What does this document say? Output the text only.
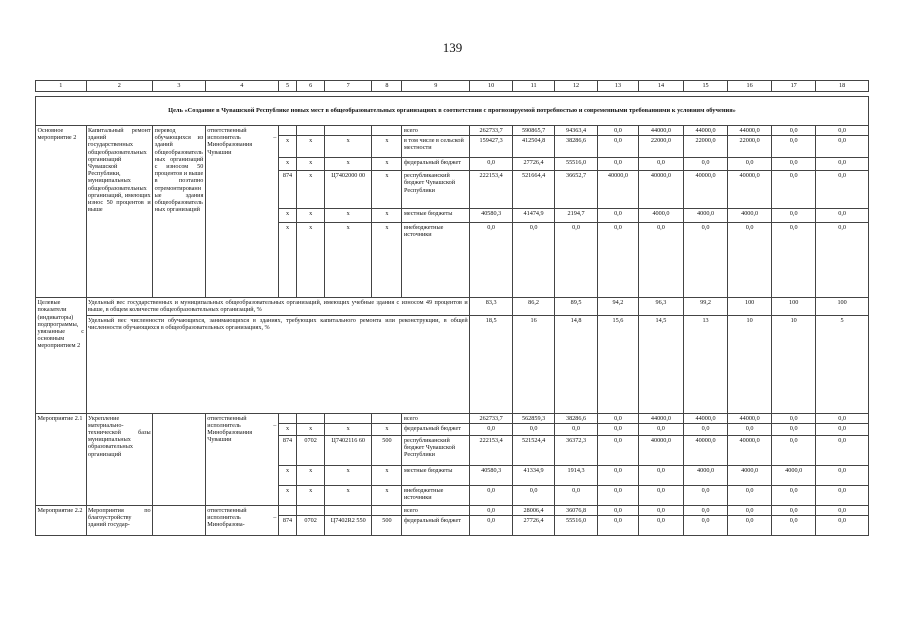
139
1	2	3	4	5	6	7	8	9	10	11	12	13	14	15	16	17	18

Цель «Создание в Чувашской Республике новых мест в общеобразовательных организациях в соответствии с прогнозируемой потребностью и современными требованиями к условиям обучения»																	
Основное мероприятие 2	Капитальный ремонт зданий государственных общеобразовательных организаций Чувашской Республики, муниципальных общеобразовательных организаций, имеющих износ 50 процентов и выше	перевод обучающихся из зданий общеобразовательных организаций с износом 50 процентов и выше в поэтапно отремонтированные здания общеобразовательных организаций	ответственный исполнитель – Минобразования Чувашии					всего	262733,7	590865,7	94363,4	0,0	44000,0	44000,0	44000,0	0,0	0,0
				x	x	x	x	в том числе в сельской местности	159427,3	412504,8	38286,6	0,0	22000,0	22000,0	22000,0	0,0	0,0
				x	x	x	x	федеральный бюджет	0,0	27726,4	55516,0	0,0	0,0	0,0	0,0	0,0	0,0
				874	x	Ц7402000 00	x	республиканский бюджет Чувашской Республики	222153,4	521664,4	36652,7	40000,0	40000,0	40000,0	40000,0	0,0	0,0
				x	x	x	x	местные бюджеты	40580,3	41474,9	2194,7	0,0	4000,0	4000,0	4000,0	0,0	0,0
				x	x	x	x	внебюджетные источники	0,0	0,0	0,0	0,0	0,0	0,0	0,0	0,0	0,0
Целевые показатели (индикаторы) подпрограммы, увязанные с основным мероприятием 2	Удельный вес государственных и муниципальных общеобразовательных организаций, имеющих учебные здания с износом 49 процентов и выше, в общем количестве общеобразовательных организаций, %								83,3	86,2	89,5	94,2	96,3	99,2	100	100	100
	Удельный вес численности обучающихся, занимающихся в зданиях, требующих капитального ремонта или реконструкции, в общей численности обучающихся в общеобразовательных организациях, %								18,5	16	14,8	15,6	14,5	13	10	10	5
Мероприятие 2.1	Укрепление материально-технической базы муниципальных образовательных организаций		ответственный исполнитель – Минобразования Чувашии					всего	262733,7	562859,3	38286,6	0,0	44000,0	44000,0	44000,0	0,0	0,0
				x	x	x	x	федеральный бюджет	0,0	0,0	0,0	0,0	0,0	0,0	0,0	0,0	0,0
				874	0702	Ц7402116 60	500	республиканский бюджет Чувашской Республики	222153,4	521524,4	36372,3	0,0	40000,0	40000,0	40000,0	0,0	0,0
				x	x	x	x	местные бюджеты	40580,3	41334,9	1914,3	0,0	0,0	4000,0	4000,0	4000,0	0,0
				x	x	x	x	внебюджетные источники	0,0	0,0	0,0	0,0	0,0	0,0	0,0	0,0	0,0
Мероприятие 2.2	Мероприятия по благоустройству зданий государ-		ответственный исполнитель – Минобразова-					всего	0,0	28006,4	36076,8	0,0	0,0	0,0	0,0	0,0	0,0
				874	0702	Ц7402R2 550	500	федеральный бюджет	0,0	27726,4	55516,0	0,0	0,0	0,0	0,0	0,0	0,0
